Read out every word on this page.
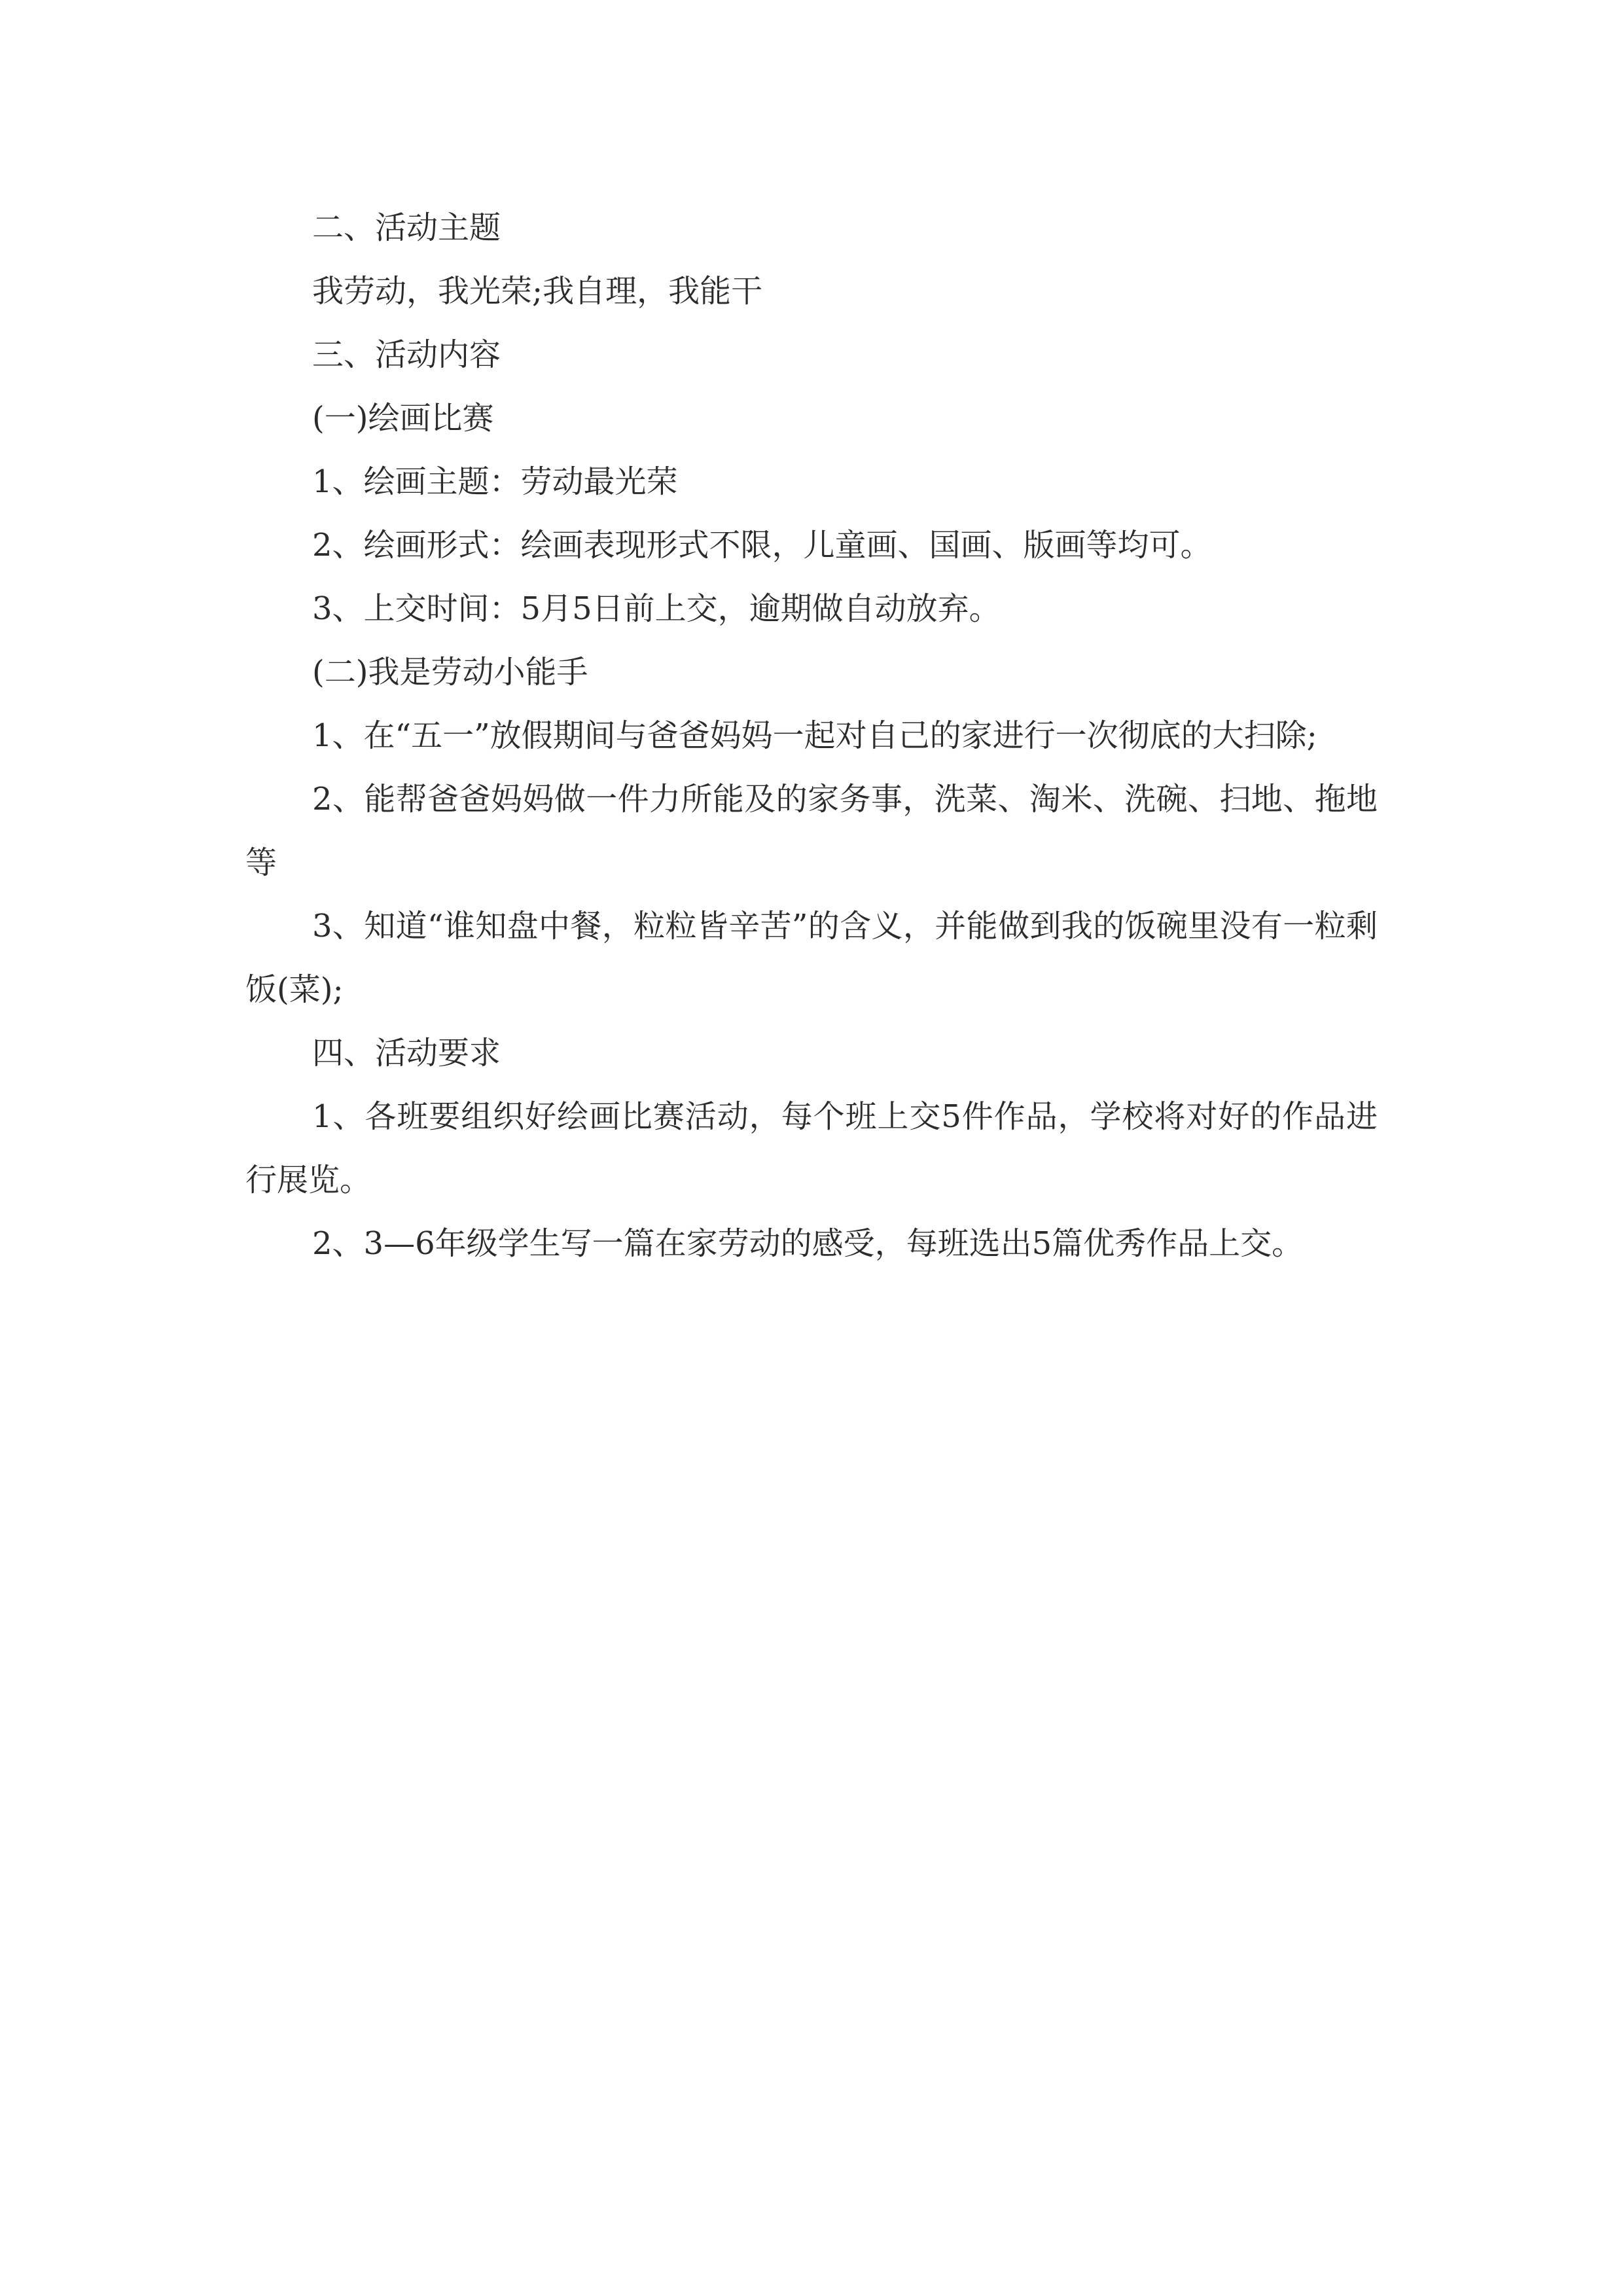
二、活动主题

我劳动，我光荣;我自理，我能干

三、活动内容

(一)绘画比赛

1、绘画主题：劳动最光荣

2、绘画形式：绘画表现形式不限，儿童画、国画、版画等均可。

3、上交时间：5月5日前上交，逾期做自动放弃。

(二)我是劳动小能手

1、在“五一”放假期间与爸爸妈妈一起对自己的家进行一次彻底的大扫除;

2、能帮爸爸妈妈做一件力所能及的家务事，洗菜、淘米、洗碗、扫地、拖地等

3、知道“谁知盘中餐，粒粒皆辛苦”的含义，并能做到我的饭碗里没有一粒剩饭(菜);

四、活动要求

1、各班要组织好绘画比赛活动，每个班上交5件作品，学校将对好的作品进行展览。

2、3—6年级学生写一篇在家劳动的感受，每班选出5篇优秀作品上交。
